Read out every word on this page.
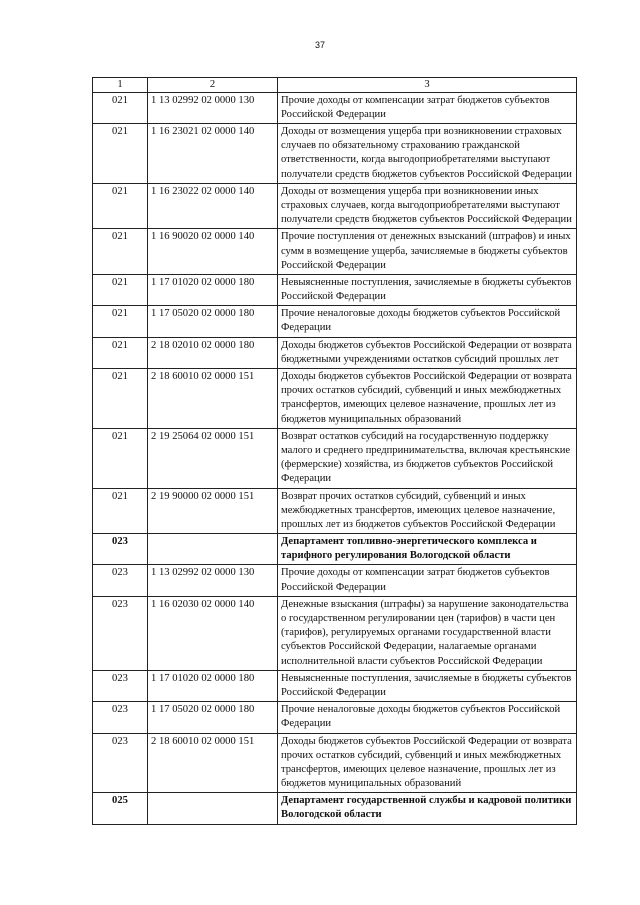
37
1	2	3
021	1 13 02992 02 0000 130	Прочие доходы от компенсации затрат бюджетов субъектов Российской Федерации
021	1 16 23021 02 0000 140	Доходы от возмещения ущерба при возникновении страховых случаев по обязательному страхованию гражданской ответственности, когда выгодоприобретателями выступают получатели средств бюджетов субъектов Российской Федерации
021	1 16 23022 02 0000 140	Доходы от возмещения ущерба при возникновении иных страховых случаев, когда выгодоприобретателями выступают получатели средств бюджетов субъектов Российской Федерации
021	1 16 90020 02 0000 140	Прочие поступления от денежных взысканий (штрафов) и иных сумм в возмещение ущерба, зачисляемые в бюджеты субъектов Российской Федерации
021	1 17 01020 02 0000 180	Невыясненные поступления, зачисляемые в бюджеты субъектов Российской Федерации
021	1 17 05020 02 0000 180	Прочие неналоговые доходы бюджетов субъектов Российской Федерации
021	2 18 02010 02 0000 180	Доходы бюджетов субъектов Российской Федерации от возврата бюджетными учреждениями остатков субсидий прошлых лет
021	2 18 60010 02 0000 151	Доходы бюджетов субъектов Российской Федерации от возврата прочих остатков субсидий, субвенций и иных межбюджетных трансфертов, имеющих целевое назначение, прошлых лет из бюджетов муниципальных образований
021	2 19 25064 02 0000 151	Возврат остатков субсидий на государственную поддержку малого и среднего предпринимательства, включая крестьянские (фермерские) хозяйства, из бюджетов субъектов Российской Федерации
021	2 19 90000 02 0000 151	Возврат прочих остатков субсидий, субвенций и иных межбюджетных трансфертов, имеющих целевое назначение, прошлых лет из бюджетов субъектов Российской Федерации
023		Департамент топливно-энергетического комплекса и тарифного регулирования Вологодской области
023	1 13 02992 02 0000 130	Прочие доходы от компенсации затрат бюджетов субъектов Российской Федерации
023	1 16 02030 02 0000 140	Денежные взыскания (штрафы) за нарушение законодательства о государственном регулировании цен (тарифов) в части цен (тарифов), регулируемых органами государственной власти субъектов Российской Федерации, налагаемые органами исполнительной власти субъектов Российской Федерации
023	1 17 01020 02 0000 180	Невыясненные поступления, зачисляемые в бюджеты субъектов Российской Федерации
023	1 17 05020 02 0000 180	Прочие неналоговые доходы бюджетов субъектов Российской Федерации
023	2 18 60010 02 0000 151	Доходы бюджетов субъектов Российской Федерации от возврата прочих остатков субсидий, субвенций и иных межбюджетных трансфертов, имеющих целевое назначение, прошлых лет из бюджетов муниципальных образований
025		Департамент государственной службы и кадровой политики Вологодской области
